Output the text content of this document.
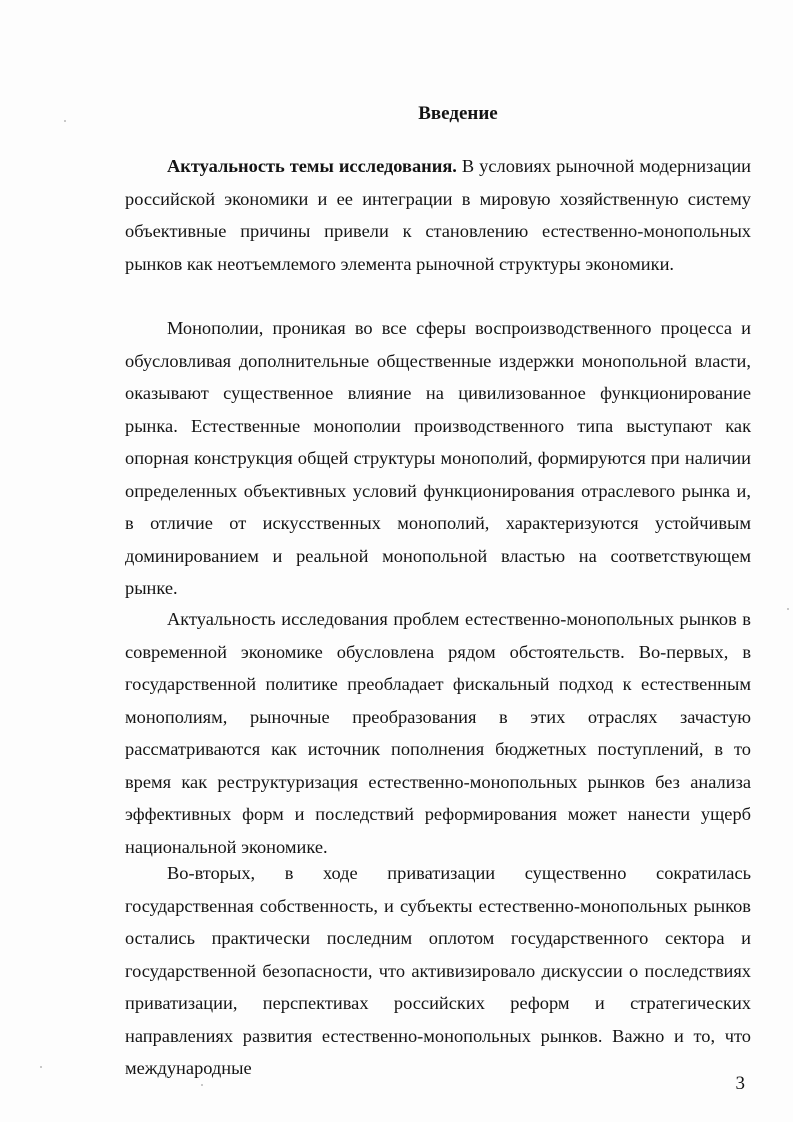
Введение

Актуальность темы исследования. В условиях рыночной модернизации российской экономики и ее интеграции в мировую хозяйственную систему объективные причины привели к становлению естественно-монопольных рынков как неотъемлемого элемента рыночной структуры экономики.

Монополии, проникая во все сферы воспроизводственного процесса и обусловливая дополнительные общественные издержки монопольной власти, оказывают существенное влияние на цивилизованное функционирование рынка. Естественные монополии производственного типа выступают как опорная конструкция общей структуры монополий, формируются при наличии определенных объективных условий функционирования отраслевого рынка и, в отличие от искусственных монополий, характеризуются устойчивым доминированием и реальной монопольной властью на соответствующем рынке.

Актуальность исследования проблем естественно-монопольных рынков в современной экономике обусловлена рядом обстоятельств. Во-первых, в государственной политике преобладает фискальный подход к естественным монополиям, рыночные преобразования в этих отраслях зачастую рассматриваются как источник пополнения бюджетных поступлений, в то время как реструктуризация естественно-монопольных рынков без анализа эффективных форм и последствий реформирования может нанести ущерб национальной экономике.

Во-вторых, в ходе приватизации существенно сократилась государственная собственность, и субъекты естественно-монопольных рынков остались практически последним оплотом государственного сектора и государственной безопасности, что активизировало дискуссии о последствиях приватизации, перспективах российских реформ и стратегических направлениях развития естественно-монопольных рынков. Важно и то, что международные

3
